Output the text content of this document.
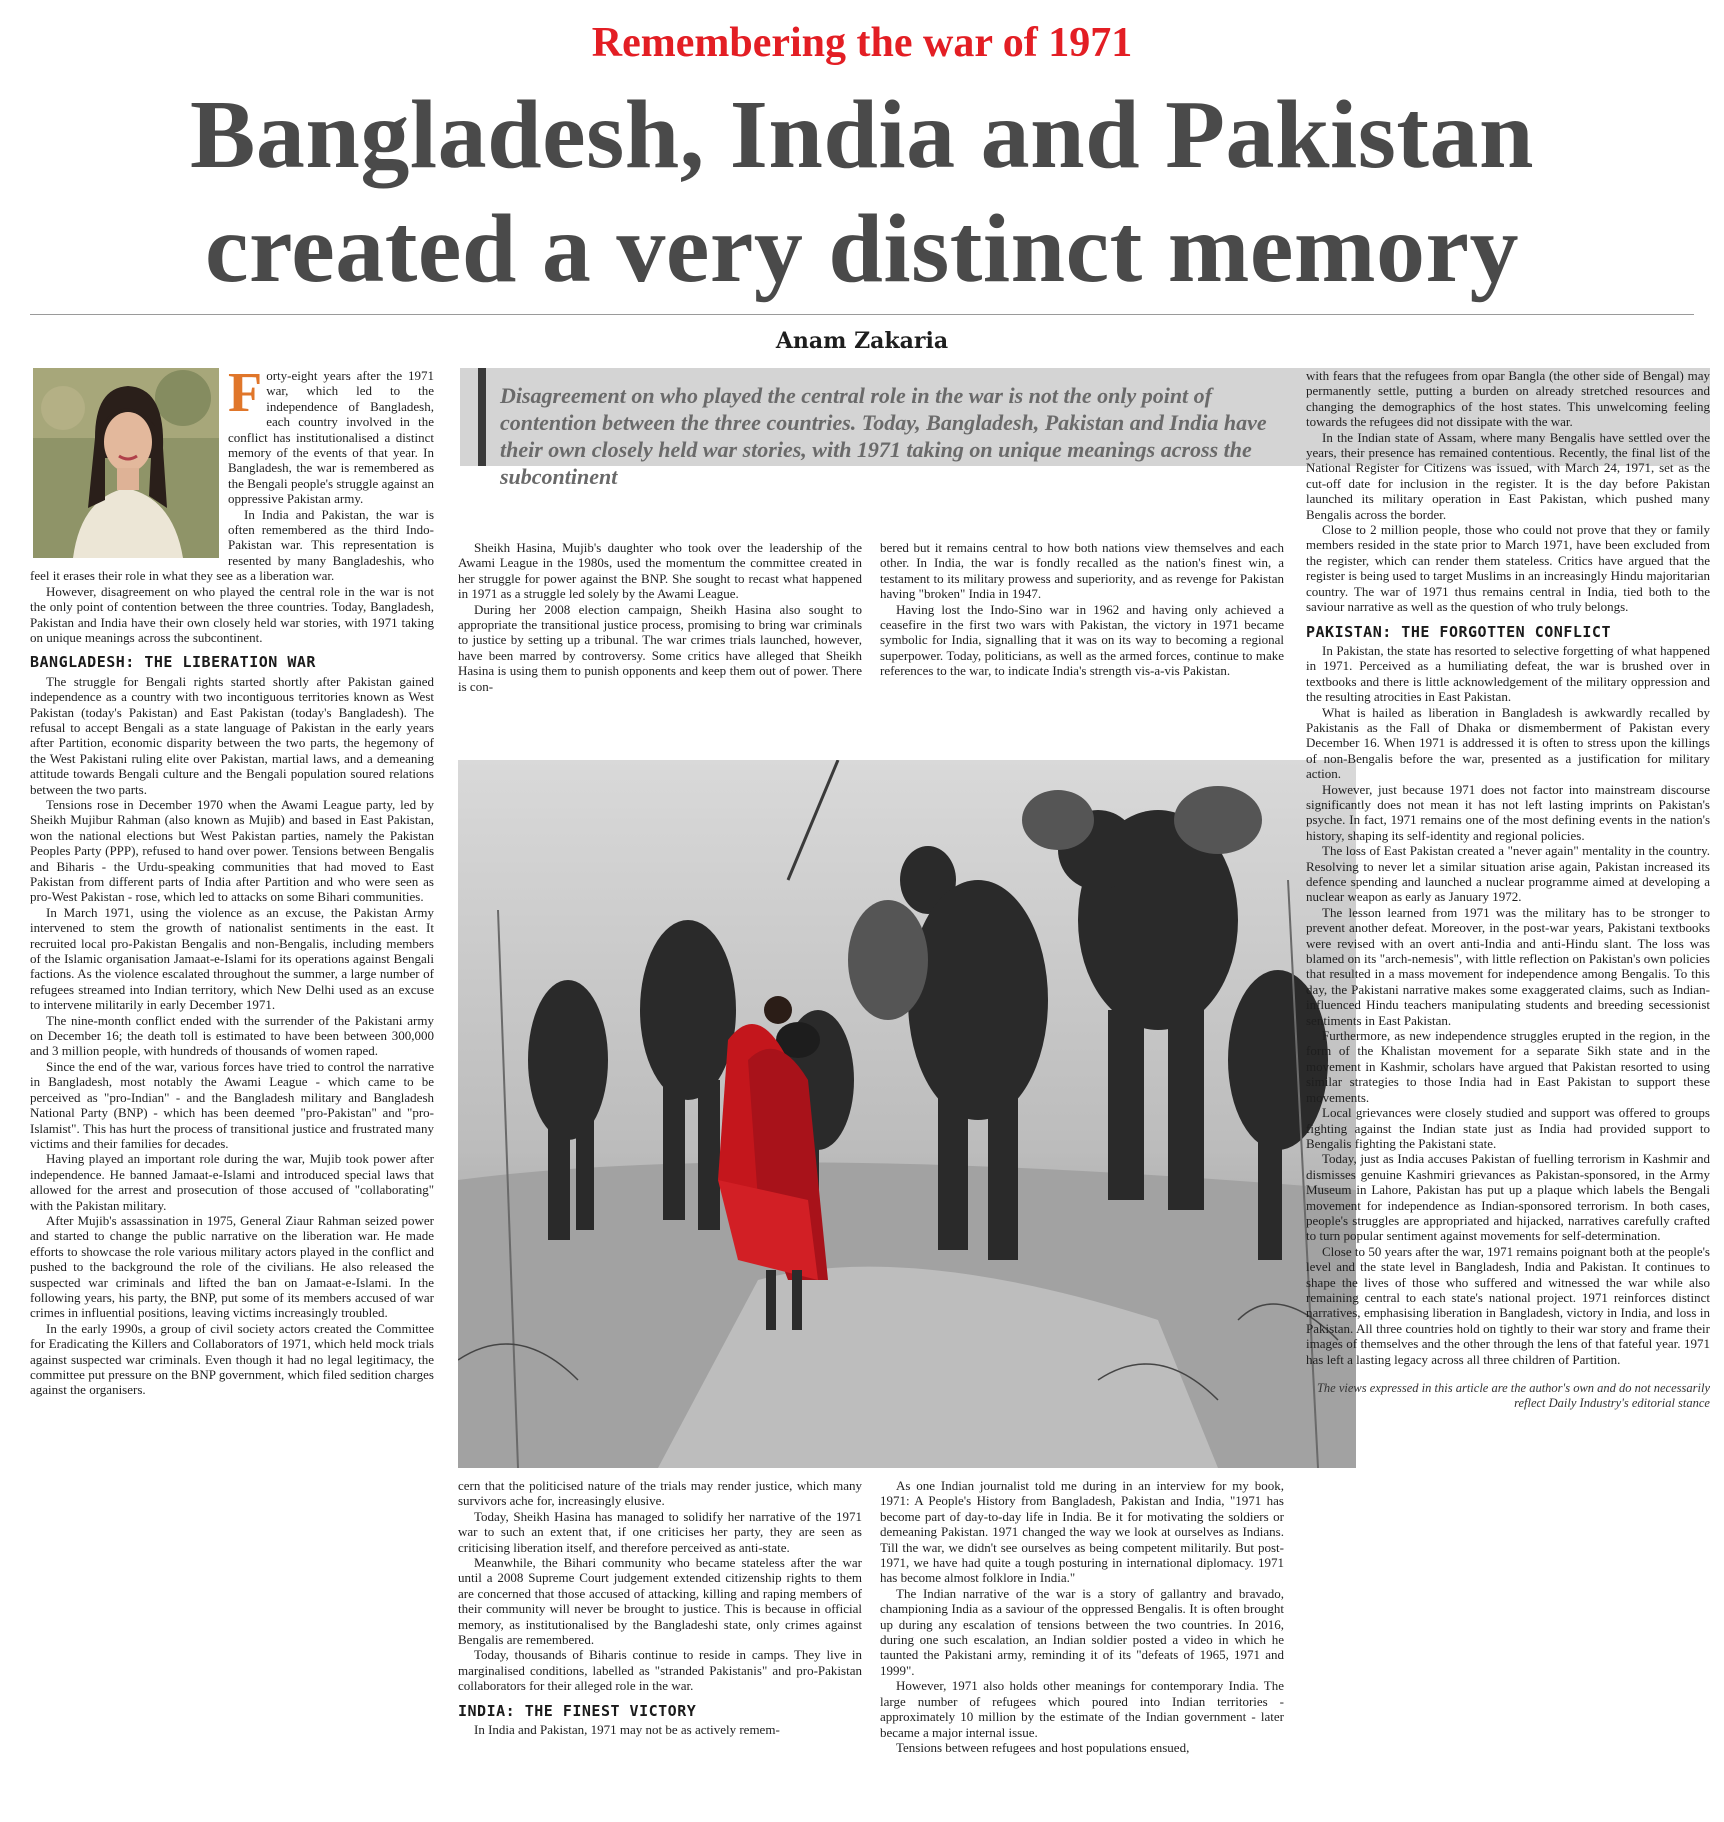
Remembering the war of 1971
Bangladesh, India and Pakistan
created a very distinct memory
Anam Zakaria

Forty-eight years after the 1971 war, which led to the independence of Bangladesh, each country involved in the conflict has institutionalised a distinct memory of the events of that year. In Bangladesh, the war is remembered as the Bengali people's struggle against an oppressive Pakistan army.

In India and Pakistan, the war is often remembered as the third Indo-Pakistan war. This representation is resented by many Bangladeshis, who feel it erases their role in what they see as a liberation war.

However, disagreement on who played the central role in the war is not the only point of contention between the three countries. Today, Bangladesh, Pakistan and India have their own closely held war stories, with 1971 taking on unique meanings across the subcontinent.

BANGLADESH: THE LIBERATION WAR

The struggle for Bengali rights started shortly after Pakistan gained independence as a country with two incontiguous territories known as West Pakistan (today's Pakistan) and East Pakistan (today's Bangladesh). The refusal to accept Bengali as a state language of Pakistan in the early years after Partition, economic disparity between the two parts, the hegemony of the West Pakistani ruling elite over Pakistan, martial laws, and a demeaning attitude towards Bengali culture and the Bengali population soured relations between the two parts.

Tensions rose in December 1970 when the Awami League party, led by Sheikh Mujibur Rahman (also known as Mujib) and based in East Pakistan, won the national elections but West Pakistan parties, namely the Pakistan Peoples Party (PPP), refused to hand over power. Tensions between Bengalis and Biharis - the Urdu-speaking communities that had moved to East Pakistan from different parts of India after Partition and who were seen as pro-West Pakistan - rose, which led to attacks on some Bihari communities.

In March 1971, using the violence as an excuse, the Pakistan Army intervened to stem the growth of nationalist sentiments in the east. It recruited local pro-Pakistan Bengalis and non-Bengalis, including members of the Islamic organisation Jamaat-e-Islami for its operations against Bengali factions. As the violence escalated throughout the summer, a large number of refugees streamed into Indian territory, which New Delhi used as an excuse to intervene militarily in early December 1971.

The nine-month conflict ended with the surrender of the Pakistani army on December 16; the death toll is estimated to have been between 300,000 and 3 million people, with hundreds of thousands of women raped.

Since the end of the war, various forces have tried to control the narrative in Bangladesh, most notably the Awami League - which came to be perceived as "pro-Indian" - and the Bangladesh military and Bangladesh National Party (BNP) - which has been deemed "pro-Pakistan" and "pro-Islamist". This has hurt the process of transitional justice and frustrated many victims and their families for decades.

Having played an important role during the war, Mujib took power after independence. He banned Jamaat-e-Islami and introduced special laws that allowed for the arrest and prosecution of those accused of "collaborating" with the Pakistan military.

After Mujib's assassination in 1975, General Ziaur Rahman seized power and started to change the public narrative on the liberation war. He made efforts to showcase the role various military actors played in the conflict and pushed to the background the role of the civilians. He also released the suspected war criminals and lifted the ban on Jamaat-e-Islami. In the following years, his party, the BNP, put some of its members accused of war crimes in influential positions, leaving victims increasingly troubled.

In the early 1990s, a group of civil society actors created the Committee for Eradicating the Killers and Collaborators of 1971, which held mock trials against suspected war criminals. Even though it had no legal legitimacy, the committee put pressure on the BNP government, which filed sedition charges against the organisers.

Disagreement on who played the central role in the war is not the only point of contention between the three countries. Today, Bangladesh, Pakistan and India have their own closely held war stories, with 1971 taking on unique meanings across the subcontinent

Sheikh Hasina, Mujib's daughter who took over the leadership of the Awami League in the 1980s, used the momentum the committee created in her struggle for power against the BNP. She sought to recast what happened in 1971 as a struggle led solely by the Awami League.

During her 2008 election campaign, Sheikh Hasina also sought to appropriate the transitional justice process, promising to bring war criminals to justice by setting up a tribunal. The war crimes trials launched, however, have been marred by controversy. Some critics have alleged that Sheikh Hasina is using them to punish opponents and keep them out of power. There is con-

bered but it remains central to how both nations view themselves and each other. In India, the war is fondly recalled as the nation's finest win, a testament to its military prowess and superiority, and as revenge for Pakistan having "broken" India in 1947.

Having lost the Indo-Sino war in 1962 and having only achieved a ceasefire in the first two wars with Pakistan, the victory in 1971 became symbolic for India, signalling that it was on its way to becoming a regional superpower. Today, politicians, as well as the armed forces, continue to make references to the war, to indicate India's strength vis-a-vis Pakistan.

cern that the politicised nature of the trials may render justice, which many survivors ache for, increasingly elusive.

Today, Sheikh Hasina has managed to solidify her narrative of the 1971 war to such an extent that, if one criticises her party, they are seen as criticising liberation itself, and therefore perceived as anti-state.

Meanwhile, the Bihari community who became stateless after the war until a 2008 Supreme Court judgement extended citizenship rights to them are concerned that those accused of attacking, killing and raping members of their community will never be brought to justice. This is because in official memory, as institutionalised by the Bangladeshi state, only crimes against Bengalis are remembered.

Today, thousands of Biharis continue to reside in camps. They live in marginalised conditions, labelled as "stranded Pakistanis" and pro-Pakistan collaborators for their alleged role in the war.

INDIA: THE FINEST VICTORY

In India and Pakistan, 1971 may not be as actively remem-

As one Indian journalist told me during in an interview for my book, 1971: A People's History from Bangladesh, Pakistan and India, "1971 has become part of day-to-day life in India. Be it for motivating the soldiers or demeaning Pakistan. 1971 changed the way we look at ourselves as Indians. Till the war, we didn't see ourselves as being competent militarily. But post-1971, we have had quite a tough posturing in international diplomacy. 1971 has become almost folklore in India."

The Indian narrative of the war is a story of gallantry and bravado, championing India as a saviour of the oppressed Bengalis. It is often brought up during any escalation of tensions between the two countries. In 2016, during one such escalation, an Indian soldier posted a video in which he taunted the Pakistani army, reminding it of its "defeats of 1965, 1971 and 1999".

However, 1971 also holds other meanings for contemporary India. The large number of refugees which poured into Indian territories - approximately 10 million by the estimate of the Indian government - later became a major internal issue.

Tensions between refugees and host populations ensued,

with fears that the refugees from opar Bangla (the other side of Bengal) may permanently settle, putting a burden on already stretched resources and changing the demographics of the host states. This unwelcoming feeling towards the refugees did not dissipate with the war.

In the Indian state of Assam, where many Bengalis have settled over the years, their presence has remained contentious. Recently, the final list of the National Register for Citizens was issued, with March 24, 1971, set as the cut-off date for inclusion in the register. It is the day before Pakistan launched its military operation in East Pakistan, which pushed many Bengalis across the border.

Close to 2 million people, those who could not prove that they or family members resided in the state prior to March 1971, have been excluded from the register, which can render them stateless. Critics have argued that the register is being used to target Muslims in an increasingly Hindu majoritarian country. The war of 1971 thus remains central in India, tied both to the saviour narrative as well as the question of who truly belongs.

PAKISTAN: THE FORGOTTEN CONFLICT

In Pakistan, the state has resorted to selective forgetting of what happened in 1971. Perceived as a humiliating defeat, the war is brushed over in textbooks and there is little acknowledgement of the military oppression and the resulting atrocities in East Pakistan.

What is hailed as liberation in Bangladesh is awkwardly recalled by Pakistanis as the Fall of Dhaka or dismemberment of Pakistan every December 16. When 1971 is addressed it is often to stress upon the killings of non-Bengalis before the war, presented as a justification for military action.

However, just because 1971 does not factor into mainstream discourse significantly does not mean it has not left lasting imprints on Pakistan's psyche. In fact, 1971 remains one of the most defining events in the nation's history, shaping its self-identity and regional policies.

The loss of East Pakistan created a "never again" mentality in the country. Resolving to never let a similar situation arise again, Pakistan increased its defence spending and launched a nuclear programme aimed at developing a nuclear weapon as early as January 1972.

The lesson learned from 1971 was the military has to be stronger to prevent another defeat. Moreover, in the post-war years, Pakistani textbooks were revised with an overt anti-India and anti-Hindu slant. The loss was blamed on its "arch-nemesis", with little reflection on Pakistan's own policies that resulted in a mass movement for independence among Bengalis. To this day, the Pakistani narrative makes some exaggerated claims, such as Indian-influenced Hindu teachers manipulating students and breeding secessionist sentiments in East Pakistan.

Furthermore, as new independence struggles erupted in the region, in the form of the Khalistan movement for a separate Sikh state and in the movement in Kashmir, scholars have argued that Pakistan resorted to using similar strategies to those India had in East Pakistan to support these movements.

Local grievances were closely studied and support was offered to groups fighting against the Indian state just as India had provided support to Bengalis fighting the Pakistani state.

Today, just as India accuses Pakistan of fuelling terrorism in Kashmir and dismisses genuine Kashmiri grievances as Pakistan-sponsored, in the Army Museum in Lahore, Pakistan has put up a plaque which labels the Bengali movement for independence as Indian-sponsored terrorism. In both cases, people's struggles are appropriated and hijacked, narratives carefully crafted to turn popular sentiment against movements for self-determination.

Close to 50 years after the war, 1971 remains poignant both at the people's level and the state level in Bangladesh, India and Pakistan. It continues to shape the lives of those who suffered and witnessed the war while also remaining central to each state's national project. 1971 reinforces distinct narratives, emphasising liberation in Bangladesh, victory in India, and loss in Pakistan. All three countries hold on tightly to their war story and frame their images of themselves and the other through the lens of that fateful year. 1971 has left a lasting legacy across all three children of Partition.

The views expressed in this article are the author's own and do not necessarily reflect Daily Industry's editorial stance
